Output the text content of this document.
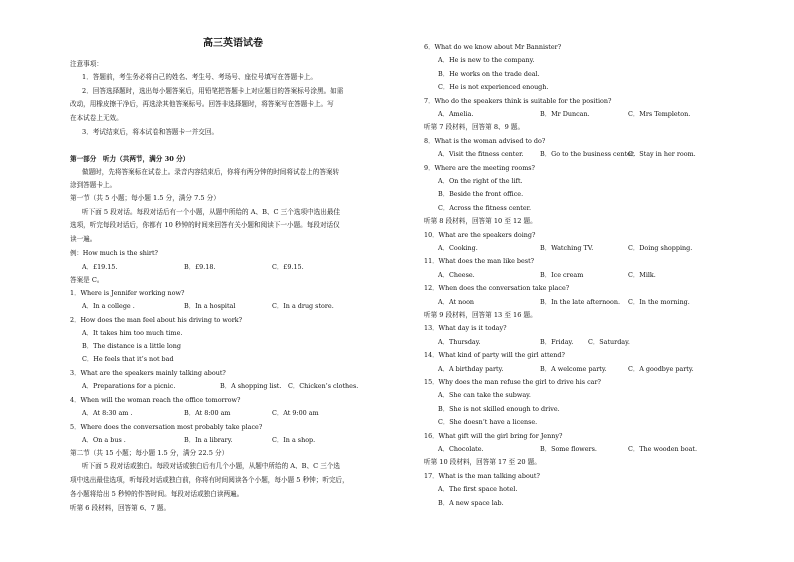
高三英语试卷
注意事项：
1．答题前，考生务必将自己的姓名、考生号、考场号、座位号填写在答题卡上。
2．回答选择题时，选出每小题答案后，用铅笔把答题卡上对应题目的答案标号涂黑。如需
改动，用橡皮擦干净后，再选涂其他答案标号。回答非选择题时，将答案写在答题卡上。写
在本试卷上无效。
3．考试结束后，将本试卷和答题卡一并交回。
第一部分　听力（共两节，满分 30 分）
做题时，先将答案标在试卷上。录音内容结束后，你将有两分钟的时间将试卷上的答案转
涂到答题卡上。
第一节（共 5 小题；每小题 1.5 分，满分 7.5 分）
听下面 5 段对话。每段对话后有一个小题，从题中所给的 A、B、C 三个选项中选出最佳
选项，听完每段对话后，你都有 10 秒钟的时间来回答有关小题和阅读下一小题。每段对话仅
读一遍。
例：How much is the shirt?
A．£19.15.	B．£9.18.	C．£9.15.
答案是 C。
1．Where is Jennifer working now?
A．In a college .	B．In a hospital	C．In a drug store.
2．How does the man feel about his driving to work?
A．It takes him too much time.
B．The distance is a little long
C．He feels that it’s not bad
3．What are the speakers mainly talking about?
A．Preparations for a picnic.	B．A shopping list. C．Chicken’s clothes.
4．When will the woman reach the office tomorrow?
A．At 8:30 am .	B．At 8:00 am	C．At 9:00 am
5．Where does the conversation most probably take place?
A．On a bus .	B．In a library.	C．In a shop.
第二节（共 15 小题；每小题 1.5 分，满分 22.5 分）
听下面 5 段对话或独白。每段对话或独白后有几个小题，从题中所给的 A、B、C 三个选
项中选出最佳选项，听每段对话或独白前，你将有时间阅读各个小题，每小题 5 秒钟；听完后，
各小题将给出 5 秒钟的作答时间。每段对话或独白读两遍。
听第 6 段材料，回答第 6、7 题。
6．What do we know about Mr Bannister?
A．He is new to the company.
B．He works on the trade deal.
C．He is not experienced enough.
7．Who do the speakers think is suitable for the position?
A．Amelia.	B．Mr Duncan.	C．Mrs Templeton.
听第 7 段材料，回答第 8、9 题。
8．What is the woman advised to do?
A．Visit the fitness center.	B．Go to the business center.
C．Stay in her room.
9．Where are the meeting rooms?
A．On the right of the lift.
B．Beside the front office.
C．Across the fitness center.
听第 8 段材料，回答第 10 至 12 题。
10．What are the speakers doing?
A．Cooking.	B．Watching TV.	C．Doing shopping.
11．What does the man like best?
A．Cheese.	B．Ice cream	C．Milk.
12．When does the conversation take place?
A．At noon	B．In the late afternoon. C．In the morning.
听第 9 段材料，回答第 13 至 16 题。
13．What day is it today?
A．Thursday.	B．Friday. C．Saturday.
14．What kind of party will the girl attend?
A．A birthday party.	B．A welcome party.	C．A goodbye party.
15．Why does the man refuse the girl to drive his car?
A．She can take the subway.
B．She is not skilled enough to drive.
C．She doesn’t have a license.
16．What gift will the girl bring for Jenny?
A．Chocolate.	B．Some flowers.	C．The wooden boat.
听第 10 段材料，回答第 17 至 20 题。
17．What is the man talking about?
A．The first space hotel.
B．A new space lab.
